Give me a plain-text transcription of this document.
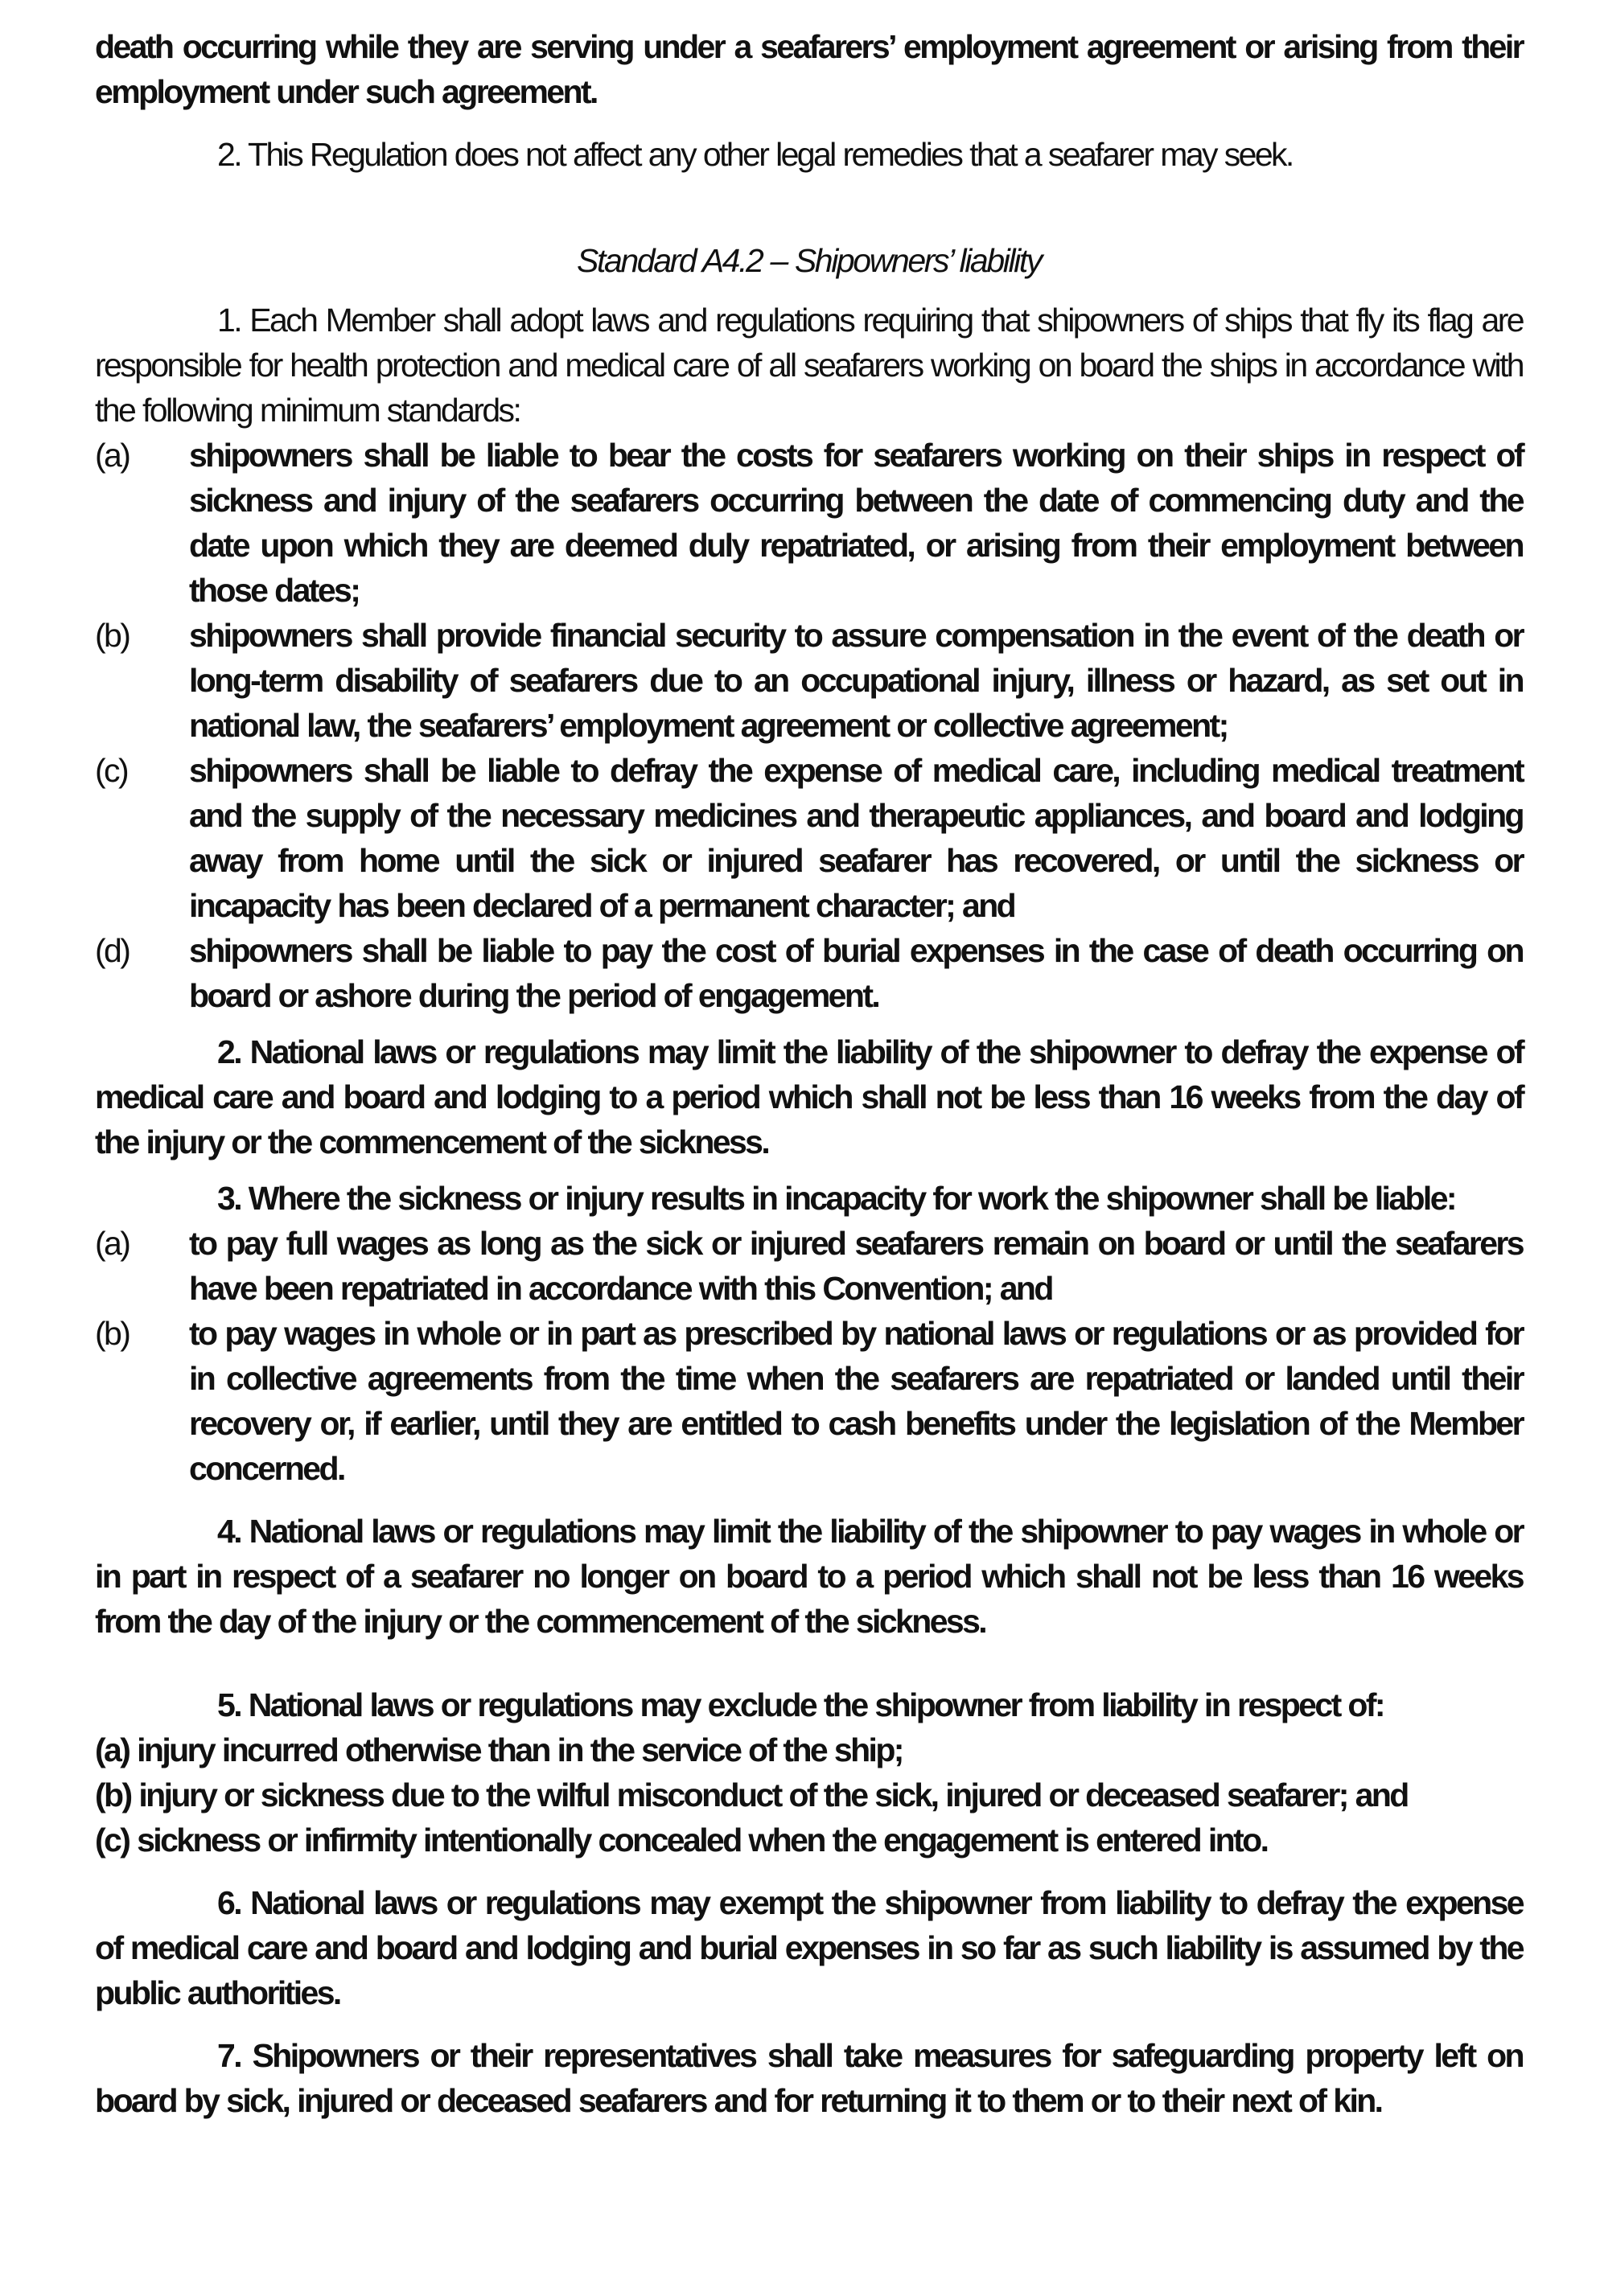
death occurring while they are serving under a seafarers’ employment agreement or arising from their employment under such agreement.

2. This Regulation does not affect any other legal remedies that a seafarer may seek.

Standard A4.2 – Shipowners’ liability

1. Each Member shall adopt laws and regulations requiring that shipowners of ships that fly its flag are responsible for health protection and medical care of all seafarers working on board the ships in accordance with the following minimum standards:

(a)	shipowners shall be liable to bear the costs for seafarers working on their ships in respect of sickness and injury of the seafarers occurring between the date of commencing duty and the date upon which they are deemed duly repatriated, or arising from their employment between those dates;
(b)	shipowners shall provide financial security to assure compensation in the event of the death or long-term disability of seafarers due to an occupational injury, illness or hazard, as set out in national law, the seafarers’ employment agreement or collective agreement;
(c)	shipowners shall be liable to defray the expense of medical care, including medical treatment and the supply of the necessary medicines and therapeutic appliances, and board and lodging away from home until the sick or injured seafarer has recovered, or until the sickness or incapacity has been declared of a permanent character; and
(d)	shipowners shall be liable to pay the cost of burial expenses in the case of death occurring on board or ashore during the period of engagement.

2. National laws or regulations may limit the liability of the shipowner to defray the expense of medical care and board and lodging to a period which shall not be less than 16 weeks from the day of the injury or the commencement of the sickness.

3. Where the sickness or injury results in incapacity for work the shipowner shall be liable:

(a)	to pay full wages as long as the sick or injured seafarers remain on board or until the seafarers have been repatriated in accordance with this Convention; and
(b)	to pay wages in whole or in part as prescribed by national laws or regulations or as provided for in collective agreements from the time when the seafarers are repatriated or landed until their recovery or, if earlier, until they are entitled to cash benefits under the legislation of the Member concerned.

4. National laws or regulations may limit the liability of the shipowner to pay wages in whole or in part in respect of a seafarer no longer on board to a period which shall not be less than 16 weeks from the day of the injury or the commencement of the sickness.

5. National laws or regulations may exclude the shipowner from liability in respect of:

(a) injury incurred otherwise than in the service of the ship;

(b) injury or sickness due to the wilful misconduct of the sick, injured or deceased seafarer; and

(c) sickness or infirmity intentionally concealed when the engagement is entered into.

6. National laws or regulations may exempt the shipowner from liability to defray the expense of medical care and board and lodging and burial expenses in so far as such liability is assumed by the public authorities.

7. Shipowners or their representatives shall take measures for safeguarding property left on board by sick, injured or deceased seafarers and for returning it to them or to their next of kin.
